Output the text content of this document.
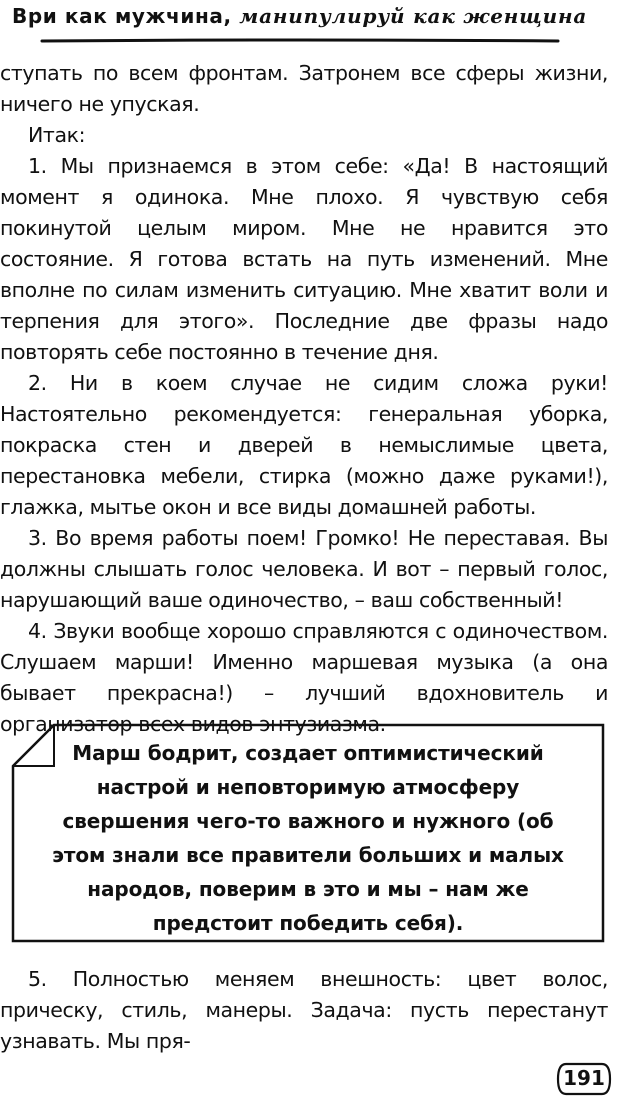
Ври как мужчина, манипулируй как женщина

ступать по всем фронтам. Затронем все сферы жизни, ничего не упуская.

Итак:

1. Мы признаемся в этом себе: «Да! В настоящий момент я одинока. Мне плохо. Я чувствую себя покинутой целым миром. Мне не нравится это состояние. Я готова встать на путь изменений. Мне вполне по силам изменить ситуацию. Мне хватит воли и терпения для этого». Последние две фразы надо повторять себе постоянно в течение дня.

2. Ни в коем случае не сидим сложа руки! Настоятельно рекомендуется: генеральная уборка, покраска стен и дверей в немыслимые цвета, перестановка мебели, стирка (можно даже руками!), глажка, мытье окон и все виды домашней работы.

3. Во время работы поем! Громко! Не переставая. Вы должны слышать голос человека. И вот – первый голос, нарушающий ваше одиночество, – ваш собственный!

4. Звуки вообще хорошо справляются с одиночеством. Слушаем марши! Именно маршевая музыка (а она бывает прекрасна!) – лучший вдохновитель и организатор всех видов энтузиазма.

Марш бодрит, создает оптимистический настрой и неповторимую атмосферу свершения чего-то важного и нужного (об этом знали все правители больших и малых народов, поверим в это и мы – нам же предстоит победить себя).

5. Полностью меняем внешность: цвет волос, прическу, стиль, манеры. Задача: пусть перестанут узнавать. Мы пря-

191
